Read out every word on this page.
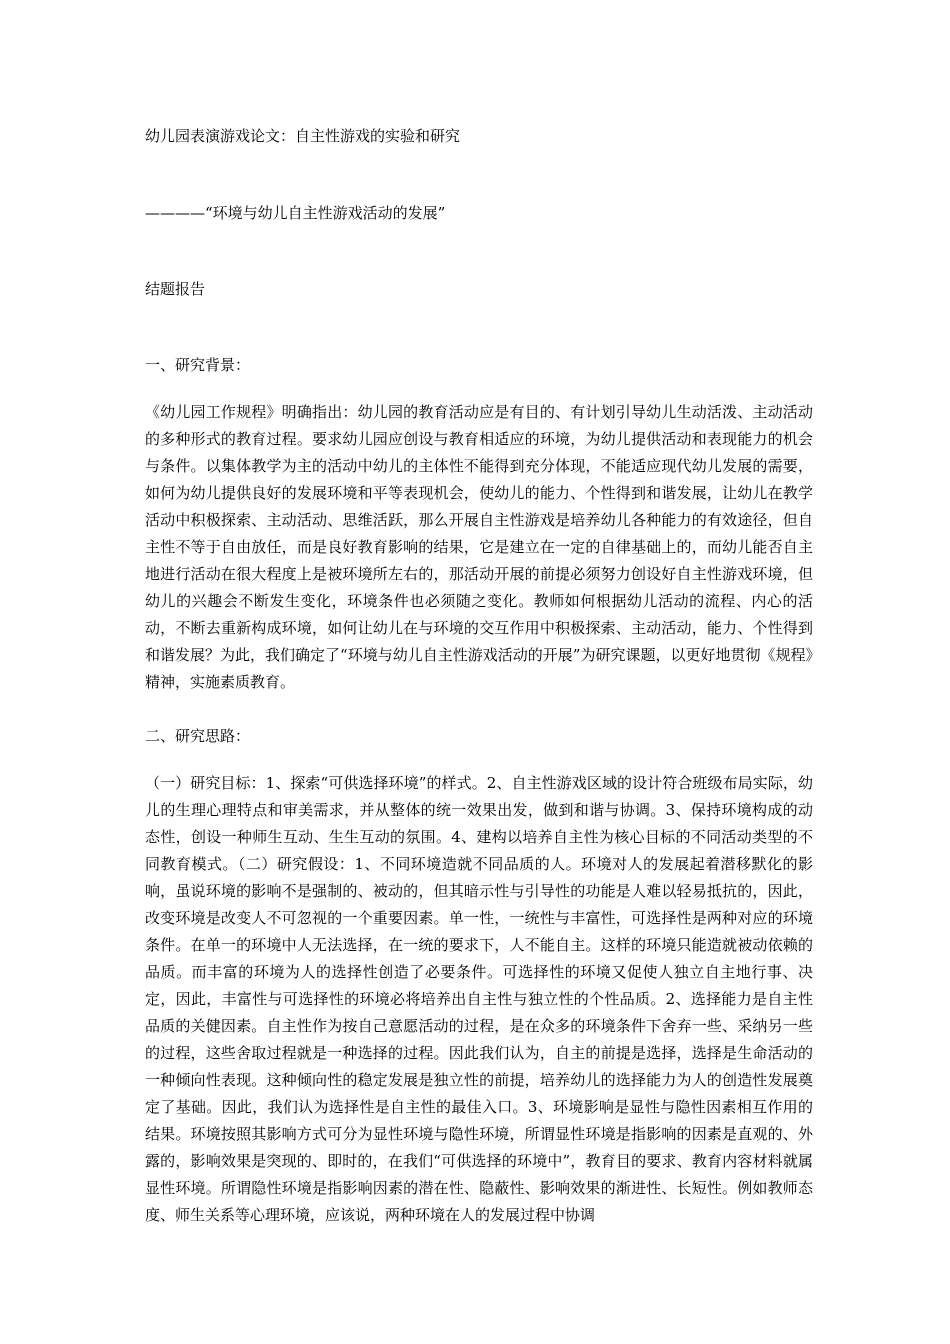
幼儿园表演游戏论文：自主性游戏的实验和研究

————“环境与幼儿自主性游戏活动的发展”

结题报告

一、研究背景：

《幼儿园工作规程》明确指出：幼儿园的教育活动应是有目的、有计划引导幼儿生动活泼、主动活动的多种形式的教育过程。要求幼儿园应创设与教育相适应的环境，为幼儿提供活动和表现能力的机会与条件。以集体教学为主的活动中幼儿的主体性不能得到充分体现，不能适应现代幼儿发展的需要，如何为幼儿提供良好的发展环境和平等表现机会，使幼儿的能力、个性得到和谐发展，让幼儿在教学活动中积极探索、主动活动、思维活跃，那么开展自主性游戏是培养幼儿各种能力的有效途径，但自主性不等于自由放任，而是良好教育影响的结果，它是建立在一定的自律基础上的，而幼儿能否自主地进行活动在很大程度上是被环境所左右的，那活动开展的前提必须努力创设好自主性游戏环境，但幼儿的兴趣会不断发生变化，环境条件也必须随之变化。教师如何根据幼儿活动的流程、内心的活动，不断去重新构成环境，如何让幼儿在与环境的交互作用中积极探索、主动活动，能力、个性得到和谐发展？为此，我们确定了“环境与幼儿自主性游戏活动的开展”为研究课题，以更好地贯彻《规程》精神，实施素质教育。

二、研究思路：

（一）研究目标：1、探索“可供选择环境”的样式。2、自主性游戏区域的设计符合班级布局实际，幼儿的生理心理特点和审美需求，并从整体的统一效果出发，做到和谐与协调。3、保持环境构成的动态性，创设一种师生互动、生生互动的氛围。4、建构以培养自主性为核心目标的不同活动类型的不同教育模式。（二）研究假设：1、不同环境造就不同品质的人。环境对人的发展起着潜移默化的影响，虽说环境的影响不是强制的、被动的，但其暗示性与引导性的功能是人难以轻易抵抗的，因此，改变环境是改变人不可忽视的一个重要因素。单一性，一统性与丰富性，可选择性是两种对应的环境条件。在单一的环境中人无法选择，在一统的要求下，人不能自主。这样的环境只能造就被动依赖的品质。而丰富的环境为人的选择性创造了必要条件。可选择性的环境又促使人独立自主地行事、决定，因此，丰富性与可选择性的环境必将培养出自主性与独立性的个性品质。2、选择能力是自主性品质的关健因素。自主性作为按自己意愿活动的过程，是在众多的环境条件下舍弃一些、采纳另一些的过程，这些舍取过程就是一种选择的过程。因此我们认为，自主的前提是选择，选择是生命活动的一种倾向性表现。这种倾向性的稳定发展是独立性的前提，培养幼儿的选择能力为人的创造性发展奠定了基础。因此，我们认为选择性是自主性的最佳入口。3、环境影响是显性与隐性因素相互作用的结果。环境按照其影响方式可分为显性环境与隐性环境，所谓显性环境是指影响的因素是直观的、外露的，影响效果是突现的、即时的，在我们“可供选择的环境中”，教育目的要求、教育内容材料就属显性环境。所谓隐性环境是指影响因素的潜在性、隐蔽性、影响效果的渐进性、长短性。例如教师态度、师生关系等心理环境，应该说，两种环境在人的发展过程中协调
